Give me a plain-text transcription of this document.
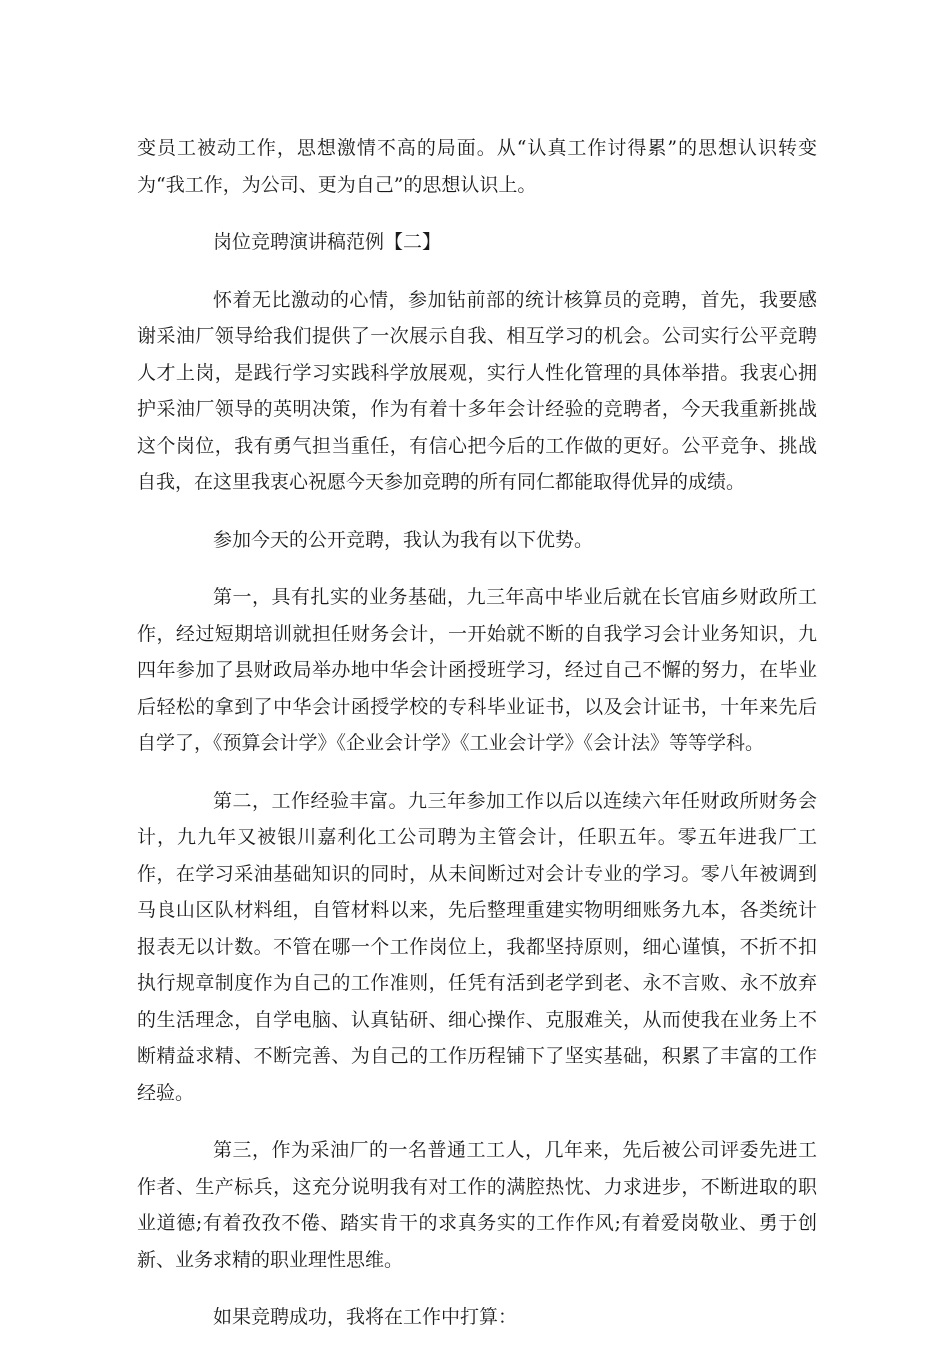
变员工被动工作，思想激情不高的局面。从“认真工作讨得累”的思想认识转变为“我工作，为公司、更为自己”的思想认识上。

岗位竞聘演讲稿范例【二】

怀着无比激动的心情，参加钻前部的统计核算员的竞聘，首先，我要感谢采油厂领导给我们提供了一次展示自我、相互学习的机会。公司实行公平竞聘人才上岗，是践行学习实践科学放展观，实行人性化管理的具体举措。我衷心拥护采油厂领导的英明决策，作为有着十多年会计经验的竞聘者，今天我重新挑战这个岗位，我有勇气担当重任，有信心把今后的工作做的更好。公平竞争、挑战自我，在这里我衷心祝愿今天参加竞聘的所有同仁都能取得优异的成绩。

参加今天的公开竞聘，我认为我有以下优势。

第一，具有扎实的业务基础，九三年高中毕业后就在长官庙乡财政所工作，经过短期培训就担任财务会计，一开始就不断的自我学习会计业务知识，九四年参加了县财政局举办地中华会计函授班学习，经过自己不懈的努力，在毕业后轻松的拿到了中华会计函授学校的专科毕业证书，以及会计证书，十年来先后自学了，《预算会计学》《企业会计学》《工业会计学》《会计法》等等学科。

第二，工作经验丰富。九三年参加工作以后以连续六年任财政所财务会计，九九年又被银川嘉利化工公司聘为主管会计，任职五年。零五年进我厂工作，在学习采油基础知识的同时，从未间断过对会计专业的学习。零八年被调到马良山区队材料组，自管材料以来，先后整理重建实物明细账务九本，各类统计报表无以计数。不管在哪一个工作岗位上，我都坚持原则，细心谨慎，不折不扣执行规章制度作为自己的工作准则，任凭有活到老学到老、永不言败、永不放弃的生活理念，自学电脑、认真钻研、细心操作、克服难关，从而使我在业务上不断精益求精、不断完善、为自己的工作历程铺下了坚实基础，积累了丰富的工作经验。

第三，作为采油厂的一名普通工工人，几年来，先后被公司评委先进工作者、生产标兵，这充分说明我有对工作的满腔热忱、力求进步，不断进取的职业道德;有着孜孜不倦、踏实肯干的求真务实的工作作风;有着爱岗敬业、勇于创新、业务求精的职业理性思维。

如果竞聘成功，我将在工作中打算：
